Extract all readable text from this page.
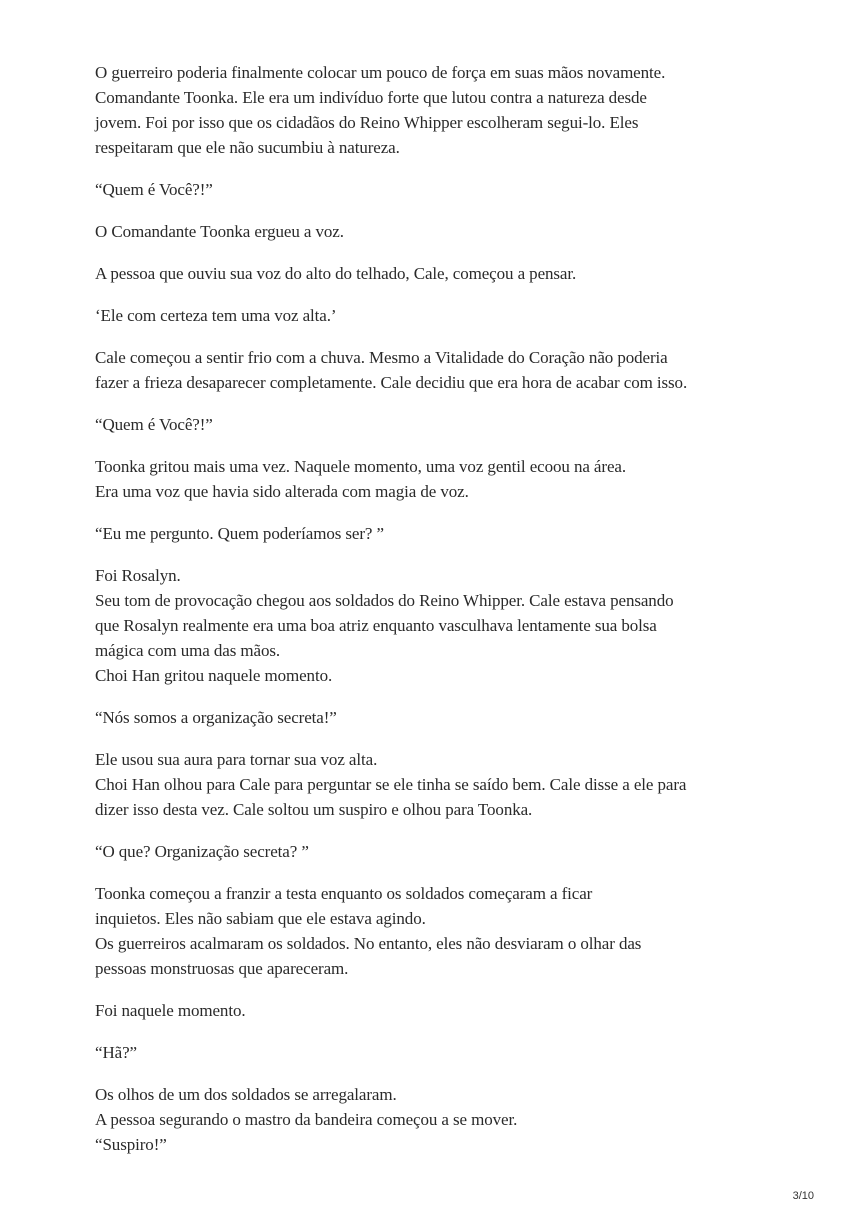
O guerreiro poderia finalmente colocar um pouco de força em suas mãos novamente.
Comandante Toonka. Ele era um indivíduo forte que lutou contra a natureza desde
jovem. Foi por isso que os cidadãos do Reino Whipper escolheram segui-lo. Eles
respeitaram que ele não sucumbiu à natureza.

“Quem é Você?!”

O Comandante Toonka ergueu a voz.

A pessoa que ouviu sua voz do alto do telhado, Cale, começou a pensar.

‘Ele com certeza tem uma voz alta.’

Cale começou a sentir frio com a chuva. Mesmo a Vitalidade do Coração não poderia
fazer a frieza desaparecer completamente. Cale decidiu que era hora de acabar com isso.

“Quem é Você?!”

Toonka gritou mais uma vez. Naquele momento, uma voz gentil ecoou na área.
Era uma voz que havia sido alterada com magia de voz.

“Eu me pergunto. Quem poderíamos ser? ”

Foi Rosalyn.
Seu tom de provocação chegou aos soldados do Reino Whipper. Cale estava pensando
que Rosalyn realmente era uma boa atriz enquanto vasculhava lentamente sua bolsa
mágica com uma das mãos.
Choi Han gritou naquele momento.

“Nós somos a organização secreta!”

Ele usou sua aura para tornar sua voz alta.
Choi Han olhou para Cale para perguntar se ele tinha se saído bem. Cale disse a ele para
dizer isso desta vez. Cale soltou um suspiro e olhou para Toonka.

“O que? Organização secreta? ”

Toonka começou a franzir a testa enquanto os soldados começaram a ficar
inquietos. Eles não sabiam que ele estava agindo.
Os guerreiros acalmaram os soldados. No entanto, eles não desviaram o olhar das
pessoas monstruosas que apareceram.

Foi naquele momento.

“Hã?”

Os olhos de um dos soldados se arregalaram.
A pessoa segurando o mastro da bandeira começou a se mover.
“Suspiro!”

3/10
